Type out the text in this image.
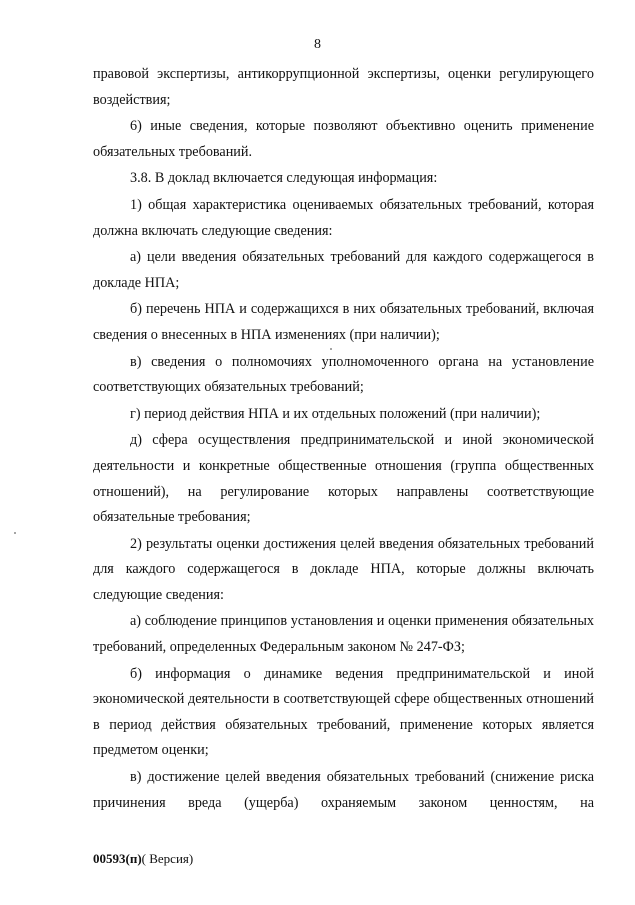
8

правовой экспертизы, антикоррупционной экспертизы, оценки регулирующего воздействия;

6) иные сведения, которые позволяют объективно оценить применение обязательных требований.

3.8. В доклад включается следующая информация:

1) общая характеристика оцениваемых обязательных требований, которая должна включать следующие сведения:

а) цели введения обязательных требований для каждого содержащегося в докладе НПА;

б) перечень НПА и содержащихся в них обязательных требований, включая сведения о внесенных в НПА изменениях (при наличии);

в) сведения о полномочиях уполномоченного органа на установление соответствующих обязательных требований;

г) период действия НПА и их отдельных положений (при наличии);

д) сфера осуществления предпринимательской и иной экономической деятельности и конкретные общественные отношения (группа общественных отношений), на регулирование которых направлены соответствующие обязательные требования;

2) результаты оценки достижения целей введения обязательных требований для каждого содержащегося в докладе НПА, которые должны включать следующие сведения:

а) соблюдение принципов установления и оценки применения обязательных требований, определенных Федеральным законом № 247-ФЗ;

б) информация о динамике ведения предпринимательской и иной экономической деятельности в соответствующей сфере общественных отношений в период действия обязательных требований, применение которых является предметом оценки;

в) достижение целей введения обязательных требований (снижение риска причинения вреда (ущерба) охраняемым законом ценностям, на

00593(п)( Версия)
